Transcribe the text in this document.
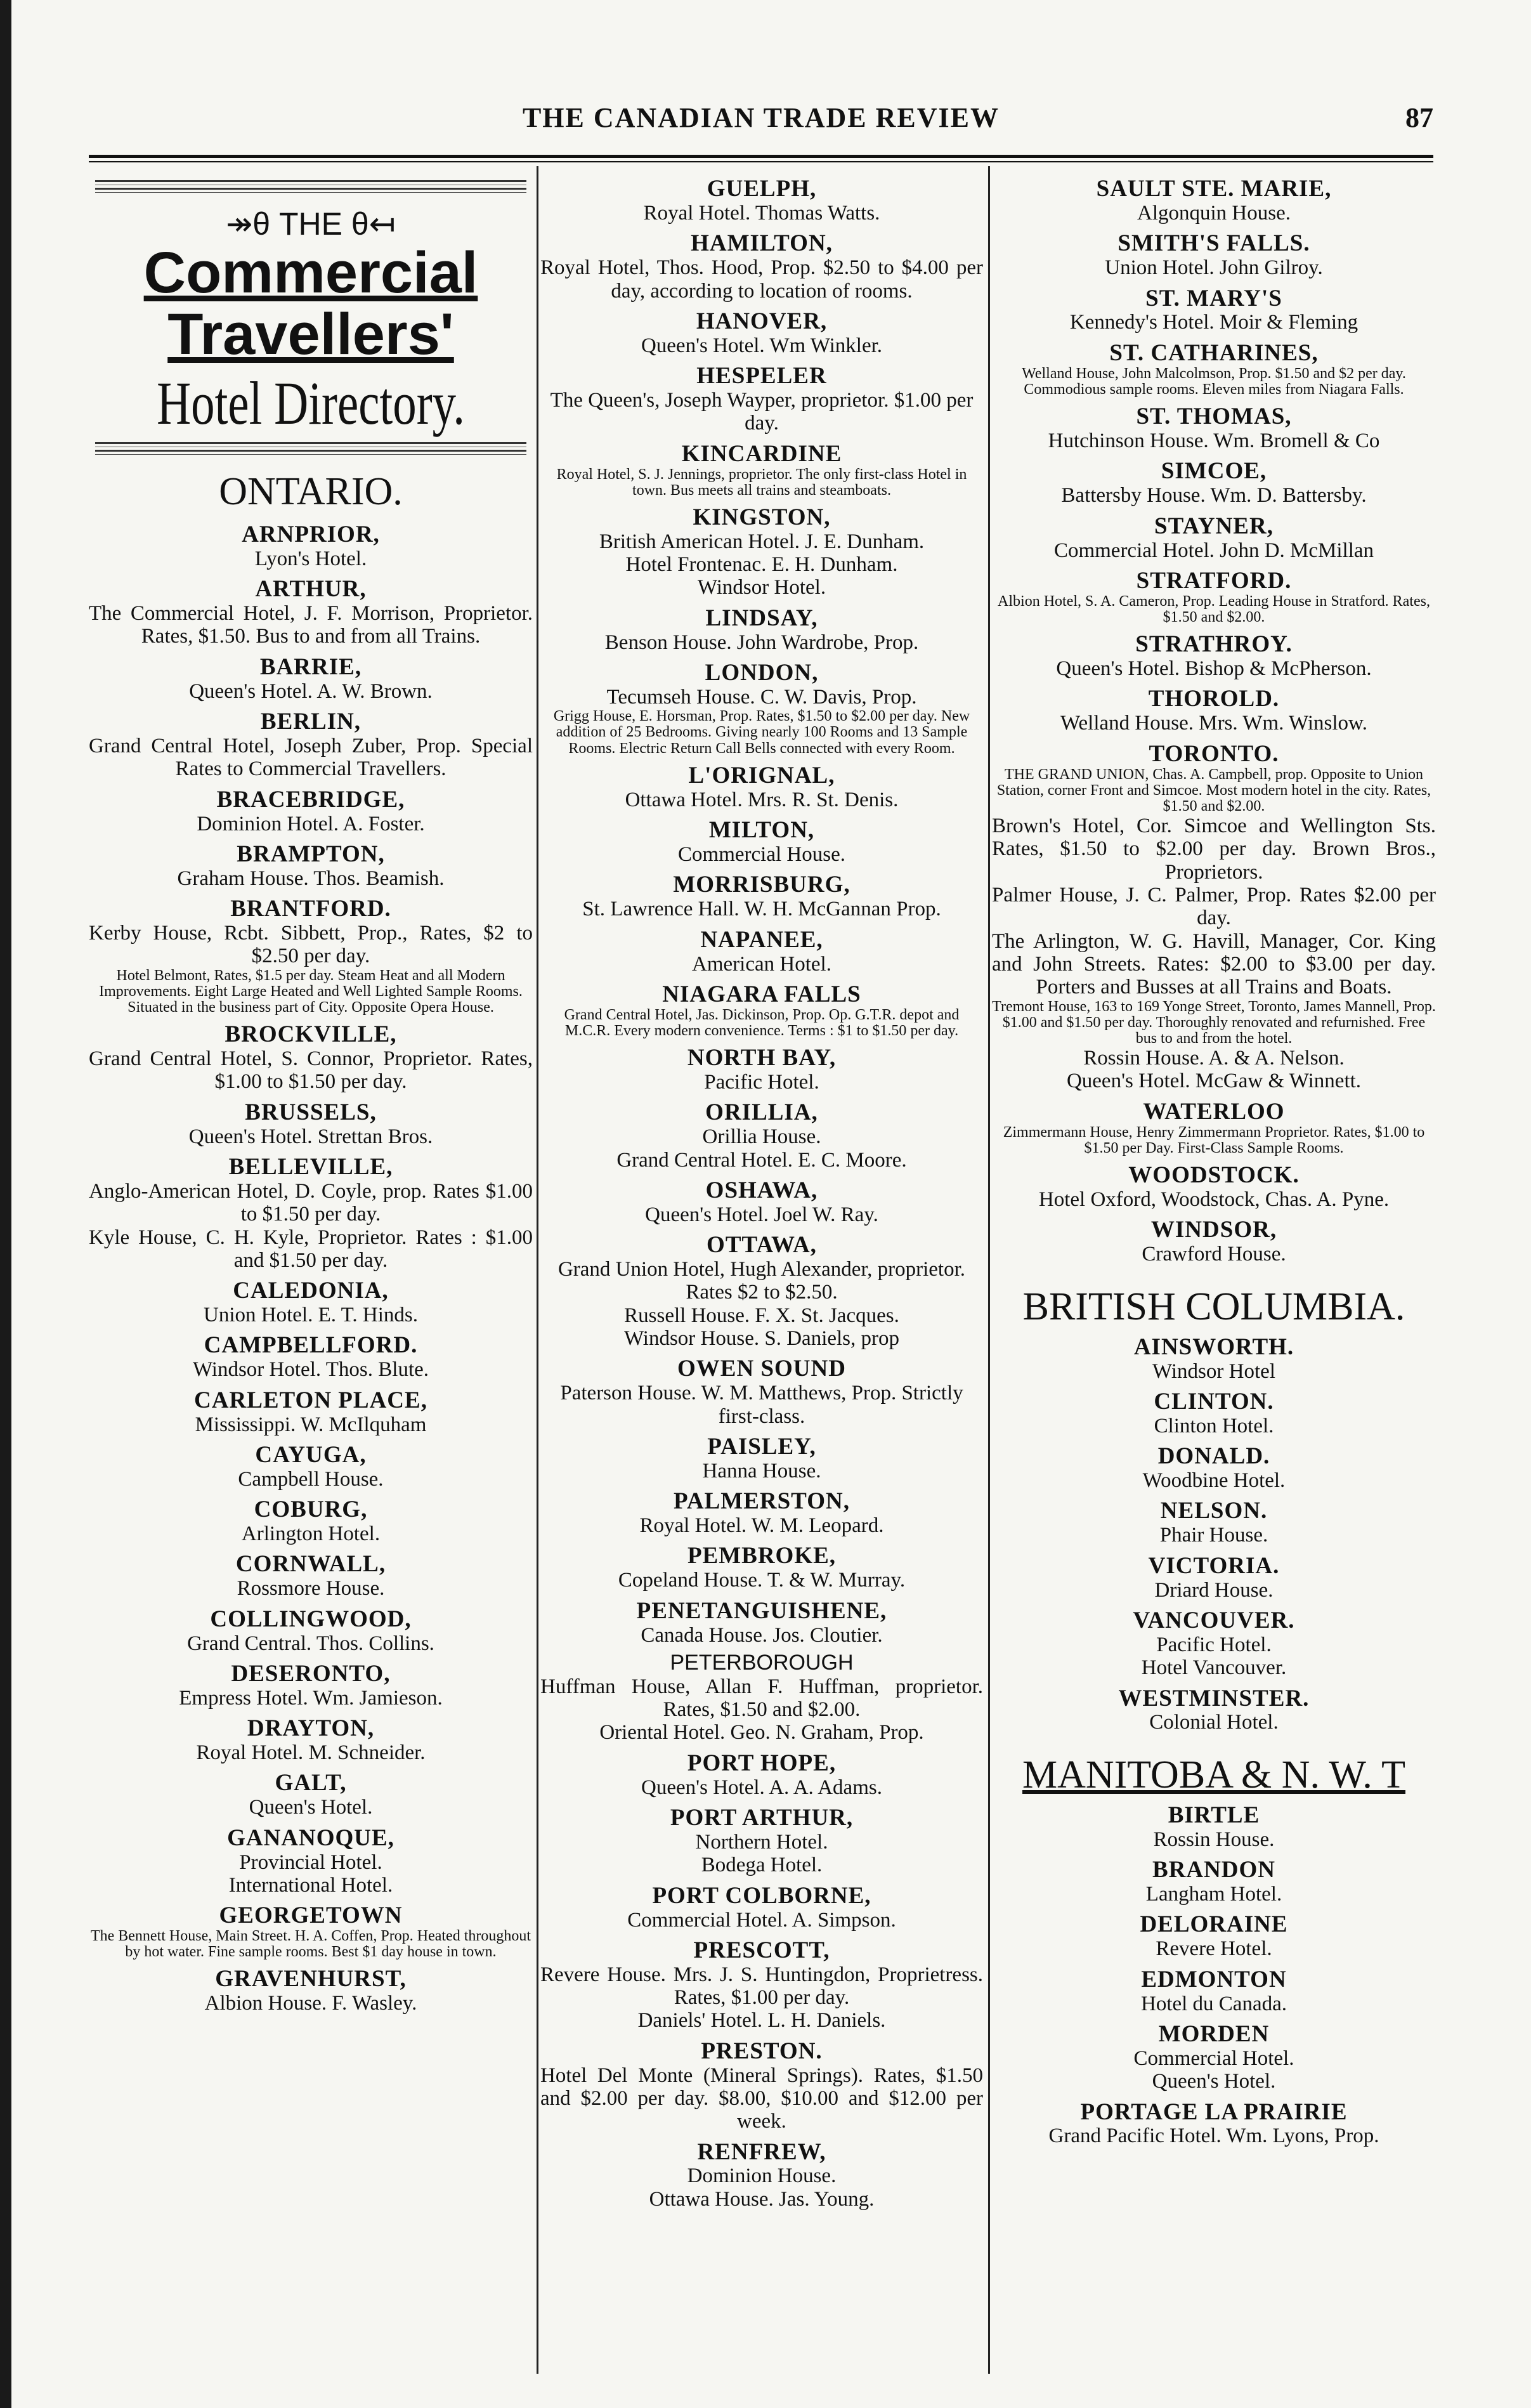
THE CANADIAN TRADE REVIEW	87
↠θ THE θ↤
Commercial
Travellers'
Hotel Directory.
ONTARIO.
ARNPRIOR,
Lyon's Hotel.
ARTHUR,
The Commercial Hotel, J. F. Morrison, Proprietor. Rates, $1.50. Bus to and from all Trains.
BARRIE,
Queen's Hotel. A. W. Brown.
BERLIN,
Grand Central Hotel, Joseph Zuber, Prop. Special Rates to Commercial Travellers.
BRACEBRIDGE,
Dominion Hotel. A. Foster.
BRAMPTON,
Graham House. Thos. Beamish.
BRANTFORD.
Kerby House, Rcbt. Sibbett, Prop., Rates, $2 to $2.50 per day.
Hotel Belmont, Rates, $1.5 per day. Steam Heat and all Modern Improvements. Eight Large Heated and Well Lighted Sample Rooms. Situated in the business part of City. Opposite Opera House.
BROCKVILLE,
Grand Central Hotel, S. Connor, Proprietor. Rates, $1.00 to $1.50 per day.
BRUSSELS,
Queen's Hotel. Strettan Bros.
BELLEVILLE,
Anglo-American Hotel, D. Coyle, prop. Rates $1.00 to $1.50 per day.
Kyle House, C. H. Kyle, Proprietor. Rates : $1.00 and $1.50 per day.
CALEDONIA,
Union Hotel. E. T. Hinds.
CAMPBELLFORD.
Windsor Hotel. Thos. Blute.
CARLETON PLACE,
Mississippi. W. McIlquham
CAYUGA,
Campbell House.
COBURG,
Arlington Hotel.
CORNWALL,
Rossmore House.
COLLINGWOOD,
Grand Central. Thos. Collins.
DESERONTO,
Empress Hotel. Wm. Jamieson.
DRAYTON,
Royal Hotel. M. Schneider.
GALT,
Queen's Hotel.
GANANOQUE,
Provincial Hotel.
International Hotel.
GEORGETOWN
The Bennett House, Main Street. H. A. Coffen, Prop. Heated throughout by hot water. Fine sample rooms. Best $1 day house in town.
GRAVENHURST,
Albion House. F. Wasley.
GUELPH,
Royal Hotel. Thomas Watts.
HAMILTON,
Royal Hotel, Thos. Hood, Prop. $2.50 to $4.00 per day, according to location of rooms.
HANOVER,
Queen's Hotel. Wm Winkler.
HESPELER
The Queen's, Joseph Wayper, proprietor. $1.00 per day.
KINCARDINE
Royal Hotel, S. J. Jennings, proprietor. The only first-class Hotel in town. Bus meets all trains and steamboats.
KINGSTON,
British American Hotel. J. E. Dunham.
Hotel Frontenac. E. H. Dunham.
Windsor Hotel.
LINDSAY,
Benson House. John Wardrobe, Prop.
LONDON,
Tecumseh House. C. W. Davis, Prop.
Grigg House, E. Horsman, Prop. Rates, $1.50 to $2.00 per day. New addition of 25 Bedrooms. Giving nearly 100 Rooms and 13 Sample Rooms. Electric Return Call Bells connected with every Room.
L'ORIGNAL,
Ottawa Hotel. Mrs. R. St. Denis.
MILTON,
Commercial House.
MORRISBURG,
St. Lawrence Hall. W. H. McGannan Prop.
NAPANEE,
American Hotel.
NIAGARA FALLS
Grand Central Hotel, Jas. Dickinson, Prop. Op. G.T.R. depot and M.C.R. Every modern convenience. Terms : $1 to $1.50 per day.
NORTH BAY,
Pacific Hotel.
ORILLIA,
Orillia House.
Grand Central Hotel. E. C. Moore.
OSHAWA,
Queen's Hotel. Joel W. Ray.
OTTAWA,
Grand Union Hotel, Hugh Alexander, proprietor. Rates $2 to $2.50.
Russell House. F. X. St. Jacques.
Windsor House. S. Daniels, prop
OWEN SOUND
Paterson House. W. M. Matthews, Prop. Strictly first-class.
PAISLEY,
Hanna House.
PALMERSTON,
Royal Hotel. W. M. Leopard.
PEMBROKE,
Copeland House. T. & W. Murray.
PENETANGUISHENE,
Canada House. Jos. Cloutier.
PETERBOROUGH
Huffman House, Allan F. Huffman, proprietor. Rates, $1.50 and $2.00.
Oriental Hotel. Geo. N. Graham, Prop.
PORT HOPE,
Queen's Hotel. A. A. Adams.
PORT ARTHUR,
Northern Hotel.
Bodega Hotel.
PORT COLBORNE,
Commercial Hotel. A. Simpson.
PRESCOTT,
Revere House. Mrs. J. S. Huntingdon, Proprietress. Rates, $1.00 per day.
Daniels' Hotel. L. H. Daniels.
PRESTON.
Hotel Del Monte (Mineral Springs). Rates, $1.50 and $2.00 per day. $8.00, $10.00 and $12.00 per week.
RENFREW,
Dominion House.
Ottawa House. Jas. Young.
SAULT STE. MARIE,
Algonquin House.
SMITH'S FALLS.
Union Hotel. John Gilroy.
ST. MARY'S
Kennedy's Hotel. Moir & Fleming
ST. CATHARINES,
Welland House, John Malcolmson, Prop. $1.50 and $2 per day. Commodious sample rooms. Eleven miles from Niagara Falls.
ST. THOMAS,
Hutchinson House. Wm. Bromell & Co
SIMCOE,
Battersby House. Wm. D. Battersby.
STAYNER,
Commercial Hotel. John D. McMillan
STRATFORD.
Albion Hotel, S. A. Cameron, Prop. Leading House in Stratford. Rates, $1.50 and $2.00.
STRATHROY.
Queen's Hotel. Bishop & McPherson.
THOROLD.
Welland House. Mrs. Wm. Winslow.
TORONTO.
THE GRAND UNION, Chas. A. Campbell, prop. Opposite to Union Station, corner Front and Simcoe. Most modern hotel in the city. Rates, $1.50 and $2.00.
Brown's Hotel, Cor. Simcoe and Wellington Sts. Rates, $1.50 to $2.00 per day. Brown Bros., Proprietors.
Palmer House, J. C. Palmer, Prop. Rates $2.00 per day.
The Arlington, W. G. Havill, Manager, Cor. King and John Streets. Rates: $2.00 to $3.00 per day. Porters and Busses at all Trains and Boats.
Tremont House, 163 to 169 Yonge Street, Toronto, James Mannell, Prop. $1.00 and $1.50 per day. Thoroughly renovated and refurnished. Free bus to and from the hotel.
Rossin House. A. & A. Nelson.
Queen's Hotel. McGaw & Winnett.
WATERLOO
Zimmermann House, Henry Zimmermann Proprietor. Rates, $1.00 to $1.50 per Day. First-Class Sample Rooms.
WOODSTOCK.
Hotel Oxford, Woodstock, Chas. A. Pyne.
WINDSOR,
Crawford House.
BRITISH COLUMBIA.
AINSWORTH.
Windsor Hotel
CLINTON.
Clinton Hotel.
DONALD.
Woodbine Hotel.
NELSON.
Phair House.
VICTORIA.
Driard House.
VANCOUVER.
Pacific Hotel.
Hotel Vancouver.
WESTMINSTER.
Colonial Hotel.
MANITOBA & N. W. T
BIRTLE
Rossin House.
BRANDON
Langham Hotel.
DELORAINE
Revere Hotel.
EDMONTON
Hotel du Canada.
MORDEN
Commercial Hotel.
Queen's Hotel.
PORTAGE LA PRAIRIE
Grand Pacific Hotel. Wm. Lyons, Prop.
